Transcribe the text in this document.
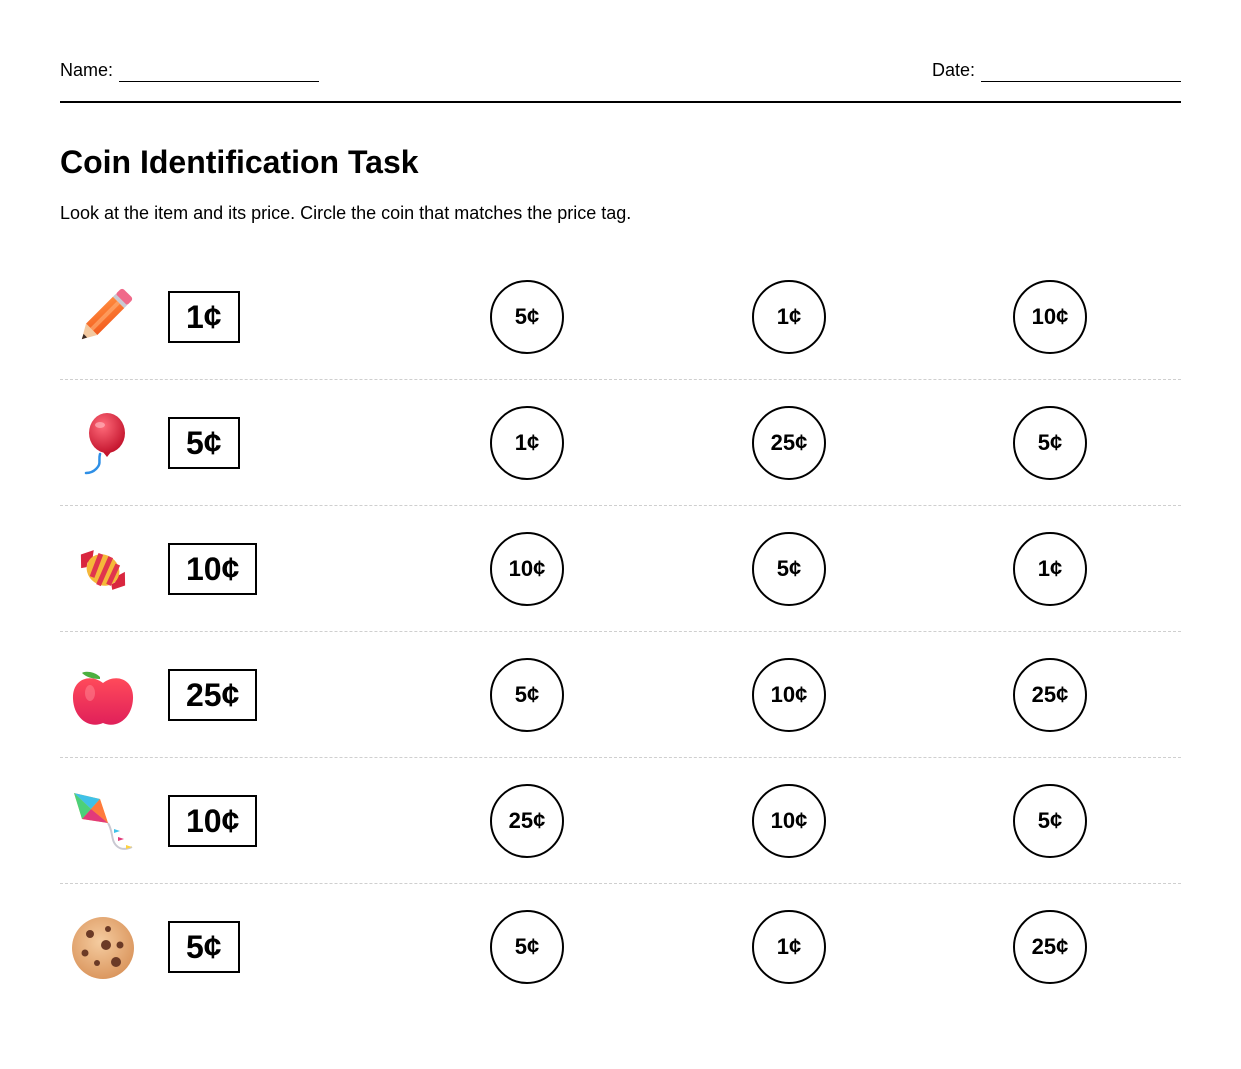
Name:	Date:
Coin Identification Task

Look at the item and its price. Circle the coin that matches the price tag.

1¢	5¢	1¢	10¢
5¢	1¢	25¢	5¢
10¢	10¢	5¢	1¢
25¢	5¢	10¢	25¢
10¢	25¢	10¢	5¢
5¢	5¢	1¢	25¢
